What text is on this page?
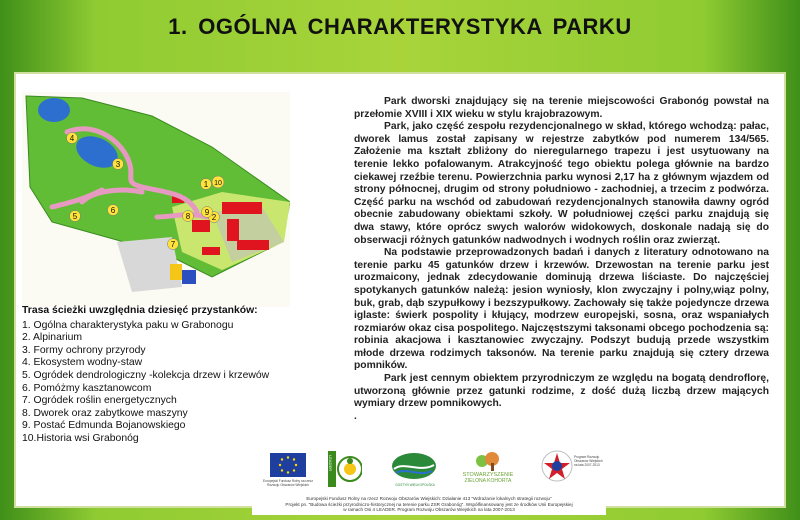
1. OGÓLNA CHARAKTERYSTYKA PARKU
1
2
3
4
5
6
7
8 9
10
Trasa ścieżki uwzględnia dziesięć przystanków:
1. Ogólna charakterystyka paku w Grabonogu
2. Alpinarium
3. Formy ochrony przyrody
4. Ekosystem wodny-staw
5. Ogródek dendrologiczny -kolekcja drzew i krzewów
6. Pomóżmy kasztanowcom
7. Ogródek roślin energetycznych
8. Dworek oraz zabytkowe maszyny
9. Postać Edmunda Bojanowskiego
10.Historia wsi Grabonóg

Park dworski znajdujący się na terenie miejscowości Grabonóg powstał na przełomie XVIII i XIX wieku w stylu krajobrazowym.

Park, jako część zespołu rezydencjonalnego w skład, którego wchodzą: pałac, dworek lamus został zapisany w rejestrze zabytków pod numerem 134/565. Założenie ma kształt zbliżony do nieregularnego trapezu i jest usytuowany na terenie lekko pofalowanym. Atrakcyjność tego obiektu polega głównie na bardzo ciekawej rzeźbie terenu. Powierzchnia parku wynosi 2,17 ha z głównym wjazdem od strony północnej, drugim od strony południowo - zachodniej, a trzecim z podwórza. Część parku na wschód od zabudowań rezydencjonalnych stanowiła dawny ogród obecnie zabudowany obiektami szkoły. W południowej części parku znajdują się dwa stawy, które oprócz swych walorów widokowych, doskonale nadają się do obserwacji różnych gatunków nadwodnych i wodnych roślin oraz zwierząt.

Na podstawie przeprowadzonych badań i danych z literatury odnotowano na terenie parku 45 gatunków drzew i krzewów. Drzewostan na terenie parku jest urozmaicony, jednak zdecydowanie dominują drzewa liściaste. Do najczęściej spotykanych gatunków należą: jesion wyniosły, klon zwyczajny i polny,wiąz polny, buk, grab, dąb szypułkowy i bezszypułkowy. Zachowały się także pojedyncze drzewa iglaste: świerk pospolity i kłujący, modrzew europejski, sosna, oraz wspaniałych rozmiarów okaz cisa pospolitego. Najczęstszymi taksonami obcego pochodzenia są: robinia akacjowa i kasztanowiec zwyczajny. Podszyt budują przede wszystkim młode drzewa rodzimych taksonów. Na terenie parku znajdują się cztery drzewa pomników.

Park jest cennym obiektem przyrodniczym ze względu na bogatą dendroflorę, utworzoną głównie przez gatunki rodzime, z dość dużą liczbą drzew mających wymiary drzew pomnikowych.

.

Europejski Fundusz Rolny na rzecz Rozwoju Obszarów Wiejskich
LEADER
GOSTYŃ WIELKOPOLSKA
STOWARZYSZENIE
ZIELONA KOHORTA
Program Rozwoju Obszarów Wiejskich na lata 2007-2013
Europejski Fundusz Rolny na rzecz Rozwoju Obszarów Wiejskich: Działanie 413 "Wdrażanie lokalnych strategii rozwoju"
Projekt pn. "Budowa ścieżki przyrodniczo-historycznej na terenie parku ZSR Grabonóg". Współfinansowany jest ze środków Unii Europejskiej
w ramach Osi 4 LEADER. Program Rozwoju Obszarów Wiejskich na lata 2007-2013
